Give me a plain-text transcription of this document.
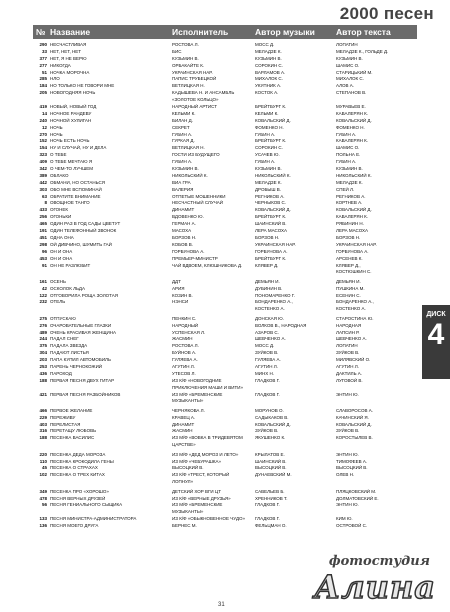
2000 песен
№ Название	Исполнитель	Автор музыки Автор текста
290 НЕСЧАСТЛИВАЯ	РОСТОВА Л.	МОСС Д.	ЛОПАТИН
33 НЕТ, НЕТ, НЕТ	БИС	МЕЛАДЗЕ К.	МЕЛАДЗЕ К., ГОЛЬДЕ Д.
377 НЕТ, Я НЕ ВЕРЮ	КУЗЬМИН В.	КУЗЬМИН В.	КУЗЬМИН В.
277 НИКОГДА	ОРБАКАЙТЕ К.	СОРОКИН С.	ШАМИС О.
51 НОЧКА МОРОЧНА	УКРАИНСКАЯ НАР.	ВАРЛАМОВ А.	СТАРИЦЬКИЙ М.
285 НЛО	ПАПИС ТРУБЕЦКОЙ	МИХАЛОК С.	МИХАЛОК С.
184 НО ТОЛЬКО НЕ ГОВОРИ МНЕ	ВЕТЛИЦКАЯ Н.	УКУПНИК А.	АЛОВ А.
205 НОВОГОДНЯЯ НОЧЬ	КАДЫШЕВА Н. И АНСАМБЛЬ	КОСТОК А.	СТЕПАНОВ В.
«ЗОЛОТОЕ КОЛЬЦО»
419 НОВЫЙ, НОВЫЙ ГОД	НАРОДНЫЙ АРТИСТ	БРЕЙТБУРГ К.	МУРАВЬЕВ Е.
14 НОЧНОЕ РАНДЕВУ	КЕЛЬМИ К.	КЕЛЬМИ К.	КАВАЛЕРЯН К.
240 НОЧНОЙ ХУЛИГАН	БИЛАН Д.	КОВАЛЬСКИЙ Д.	КОВАЛЬСКИЙ Д.
12 НОЧЬ	СЕКРЕТ	ФОМЕНКО Н.	ФОМЕНКО Н.
270 НОЧЬ	ГУБИН А.	ГУБИН А.	ГУБИН А.
152 НОЧЬ ЕСТЬ НОЧЬ	ГУРКАЯ Д.	БРЕЙТБУРГ К.	КАВАЛЕРЯН К.
154 НУ И СЛУЧАЙ, НУ И ДЕЛА	ВЕТЛИЦКАЯ Н.	СОРОКИН С.	ШАМИС О.
323 О ТЕБЕ	ГОСТИ ИЗ БУДУЩЕГО	УСАЧЕВ Ю.	ПОЛЬНА Е.
409 О ТЕБЕ МЕЧТАЮ Я	ГУБИН А.	ГУБИН А.	ГУБИН А.
342 О ЧЕМ-ТО ЛУЧШЕМ	КУЗЬМИН В.	КУЗЬМИН В.	КУЗЬМИН В.
389 ОБЛАКО	НИКОЛЬСКИЙ К.	НИКОЛЬСКИЙ К.	НИКОЛЬСКИЙ К.
442 ОБМАНИ, НО ОСТАНЬСЯ	ВИА ГРА	МЕЛАДЗЕ К.	МЕЛАДЗЕ К.
303 ОБО МНЕ ВСПОМИНАЙ	ВАЛЕРИЯ	ДРОБЫШ В.	СПЕЙ Л.
63 ОБРАТИТЕ ВНИМАНИЕ	ОТПЕТЫЕ МОШЕННИКИ	РЕГНИКОВ А.	РЕГНИКОВ А.
8 ОВОЩНОЕ ТАНГО	НЕСЧАСТНЫЙ СЛУЧАЙ	ЧЕРНЫКОВ С.	КОРТНЕВ А.
433 ОГОНЕК	ДИНАМИТ	КОВАЛЬСКИЙ Д.	КОВАЛЬСКИЙ Д.
256 ОГОНЬКИ	ВДОВЕНКО Ю.	БРЕЙТБУРГ К.	КАВАЛЕРЯН К.
465 ОДИН РАЗ В ГОД САДЫ ЦВЕТУТ	ГЕРМАН А.	ШАИНСКИЙ В.	РЯБИНИН Н.
191 ОДИН ТЕЛЕФОННЫЙ ЗВОНОК	МАСОХА	ЛЕРА МАСОХА	ЛЕРА МАСОХА
451 ОДНА ОНА	БОРЗОВ Н.	БОРЗОВ Н.	БОРЗОВ Н.
298 ОЙ ДИВЧИНО, ШУМИТЬ ГАЙ	КОБОВ В.	УКРАИНСКАЯ НАР.	УКРАИНСКАЯ НАР.
96 ОН И ОНА	ГОРБУНОВА А.	ГОРБУНОВА А.	ГОРБУНОВА А.
453 ОН И ОНА	ПРЕМЬЕР-МИНИСТР	БРЕЙТБУРГ К.	АРСЕНЕВ К.
91 ОН НЕ РАЗЛЮБИТ	ЧАЙ ВДВОЕМ, КЛЮШНИКОВА Д.	КЛЯВЕР Д.	КЛЯВЕР Д.,
КОСТЮШКИН С.
161 ОСЕНЬ	ДДТ	ДЕМЬЯН И.	ДЕМЬЯН И.
42 ОСКОЛОК ЛЬДА	АРИЯ	ДУБИНИН В.	ПУШКИНА М.
122 ОТГОВОРИЛА РОЩА ЗОЛОТАЯ	КОЗИН В.	ПОНОМАРЕНКО Г.	ЕСЕНИН С.
232 ОТЕЛЬ	НЭНСИ	БОНДАРЕНКО А.,	БОНДАРЕНКО А.,
КОСТЕНКО А.	КОСТЕНКО А.
275 ОТПУСКАЮ	ПЕНКИН С.	ДОНСКАЯ Ю.	СТАРОСТИНА Ю.
276 ОЧАРОВАТЕЛЬНЫЕ ГЛАЗКИ	НАРОДНЫЙ	ВОЛКОВ В., НАРОДНАЯ	НАРОДНАЯ
489 ОЧЕНЬ КРАСИВАЯ ЖЕНЩИНА	УСПЕНСКАЯ Л.	АЗАРОВ С.	ЛАПСИН Р.
244 ПАДАЛ СНЕГ	ЖАСМИН	ШЕВЧЕНКО А.	ШЕВЧЕНКО А.
375 ПАДАЛА ЗВЕЗДА	РОСТОВА Л.	МОСС Д.	ЛОПАТИН
304 ПАДАЮТ ЛИСТЬЯ	БУЙНОВ А.	ЗУЙКОВ В.	ЗУЙКОВ В.
203 ПАПА КУПИЛ АВТОМОБИЛЬ	ГУЛЯЕВА А.	ГУЛЯЕВА А.	МИЛЯВСКИЙ О.
253 ПАРЕНЬ ЧЕРНОКОЖИЙ	АГУТИН Л.	АГУТИН Л.	АГУТИН Л.
436 ПАРОХОД	УТЕСОВ Л.	МИНХ Н.	ДАКТИЛЬ А.
188 ПЕРВАЯ ПЕСНЯ ДВУХ ГИТАР	ИЗ К/Ф «НОВОГОДНИЕ	ГЛАДКОВ Г.	ЛУГОВОЙ В.
ПРИКЛЮЧЕНИЯ МАШИ И ВИТИ»
421 ПЕРВАЯ ПЕСНЯ РАЗБОЙНИКОВ	ИЗ М/Ф «БРЕМЕНСКИЕ	ГЛАДКОВ Г.	ЭНТИН Ю.
МУЗЫКАНТЫ»
466 ПЕРВОЕ ЖЕЛАНИЕ	ЧЕРНЯКОВА Л.	МОРУНОВ О.	СЛАВОРОСОВ А.
229 ПЕРЕЖИВУ	КРАВЕЦ А.	САДЫКАКОВ В.	КАЧИНСКИЙ Я.
403 ПЕРЕЛИСТАЯ	ДИНАМИТ	КОВАЛЬСКИЙ Д.	КОВАЛЬСКИЙ Д.
316 ПЕРЕТАЩУ ЛЮБОВЬ	ЖАСМИН	ЗУЙКОВ В.	ЗУЙКОВ В.
188 ПЕСЕНКА ВАСИЛИС	ИЗ М/Ф «ВОВКА В ТРИДЕВЯТОМ	ЯКУШЕНКО К.	КОРОСТЫЛЕВ В.
ЦАРСТВЕ»
220 ПЕСЕНКА ДЕДА МОРОЗА	ИЗ М/Ф «ДЕД МОРОЗ И ЛЕТО»	КРЫЛАТОВ Е.	ЭНТИН Ю.
110 ПЕСЕНКА КРОКОДИЛА ГЕНЫ	ИЗ М/Ф «ЧЕБУРАШКА»	ШАИНСКИЙ В.	ТИМОФЕЕВ А.
45 ПЕСЕНКА О СТРАХАХ	ВЫСОЦКИЙ В.	ВЫСОЦКИЙ В.	ВЫСОЦКИЙ В.
102 ПЕСЕНКА О ТРЕХ КИТАХ	ИЗ К/Ф «ТРЕСТ, КОТОРЫЙ	ДУНАЕВСКИЙ М.	ОЛЕВ Н.
ЛОПНУЛ»
349 ПЕСЕНКА ПРО «ХОРОШО»	ДЕТСКИЙ ХОР ВГИ ЦТ	САВЕЛЬЕВ Б.	ПЛЯЦКОВСКИЙ М.
478 ПЕСНЯ ВЕРНЫХ ДРУЗЕЙ	ИЗ К/Ф «ВЕРНЫЕ ДРУЗЬЯ»	ХРЕННИКОВ Т.	ДОЛМАТОВСКИЙ Е.
56 ПЕСНЯ ГЕНИАЛЬНОГО СЫЩИКА	ИЗ М/Ф «БРЕМЕНСКИЕ	ГЛАДКОВ Г.	ЭНТИН Ю.
МУЗЫКАНТЫ»
133 ПЕСНЯ МИНИСТРА-АДМИНИСТРАТОРА	ИЗ К/Ф «ОБЫКНОВЕННОЕ ЧУДО»	ГЛАДКОВ Г.	КИМ Ю.
136 ПЕСНЯ МОЕГО ДРУГА	БЕРНЕС М.	ФЕЛЬЦМАН О.	ОСТРОВОЙ С.
ДИСК
4
фотостудия
Алина
31
